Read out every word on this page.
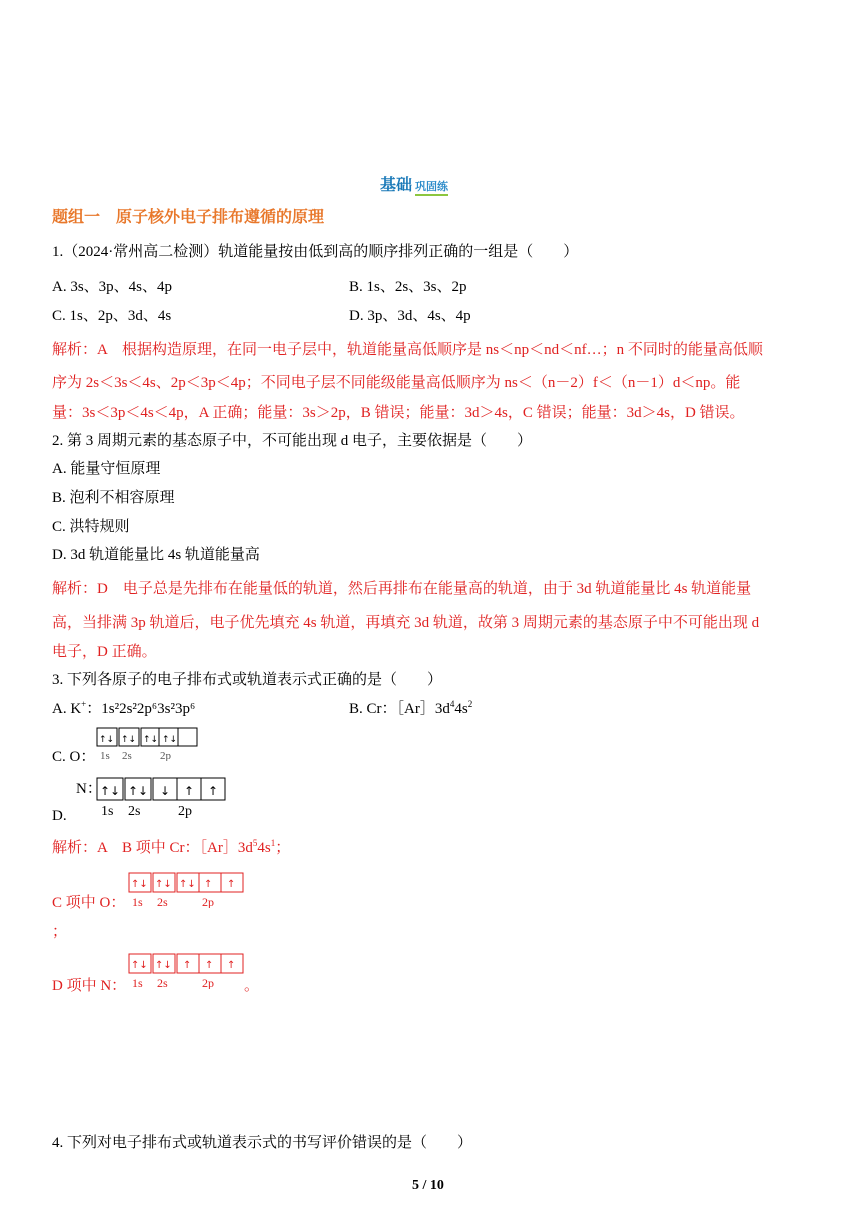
基础 巩固练
题组一　原子核外电子排布遵循的原理
1.（2024·常州高二检测）轨道能量按由低到高的顺序排列正确的一组是（　　）
A. 3s、3p、4s、4p	B. 1s、2s、3s、2p
C. 1s、2p、3d、4s	D. 3p、3d、4s、4p
解析：A　根据构造原理，在同一电子层中，轨道能量高低顺序是 ns＜np＜nd＜nf…；n 不同时的能量高低顺
序为 2s＜3s＜4s、2p＜3p＜4p；不同电子层不同能级能量高低顺序为 ns＜（n－2）f＜（n－1）d＜np。能
量：3s＜3p＜4s＜4p，A 正确；能量：3s＞2p，B 错误；能量：3d＞4s，C 错误；能量：3d＞4s，D 错误。
2. 第 3 周期元素的基态原子中，不可能出现 d 电子，主要依据是（　　）
A. 能量守恒原理
B. 泡利不相容原理
C. 洪特规则
D. 3d 轨道能量比 4s 轨道能量高
解析：D　电子总是先排布在能量低的轨道，然后再排布在能量高的轨道，由于 3d 轨道能量比 4s 轨道能量
高，当排满 3p 轨道后，电子优先填充 4s 轨道，再填充 3d 轨道，故第 3 周期元素的基态原子中不可能出现 d
电子，D 正确。
3. 下列各原子的电子排布式或轨道表示式正确的是（　　）
A. K+：1s²2s²2p⁶3s²3p⁶	B. Cr：$[Ar]3d^44s^2$
C. O：
↑↓ ↑↓ ↑↓ ↑↓
1s 2s	2p
N：
↑↓ ↑↓ ↓ ↑ ↑
1s 2s	2p
D.
解析：A　B 项中 Cr：$[Ar]3d^54s^1$；
↑↓ ↑↓ ↑↓ ↑ ↑
1s 2s	2p
C 项中 O：
；
↑↓ ↑↓ ↑ ↑ ↑
1s 2s	2p
D 项中 N：	。
4. 下列对电子排布式或轨道表示式的书写评价错误的是（　　）
5 / 10
